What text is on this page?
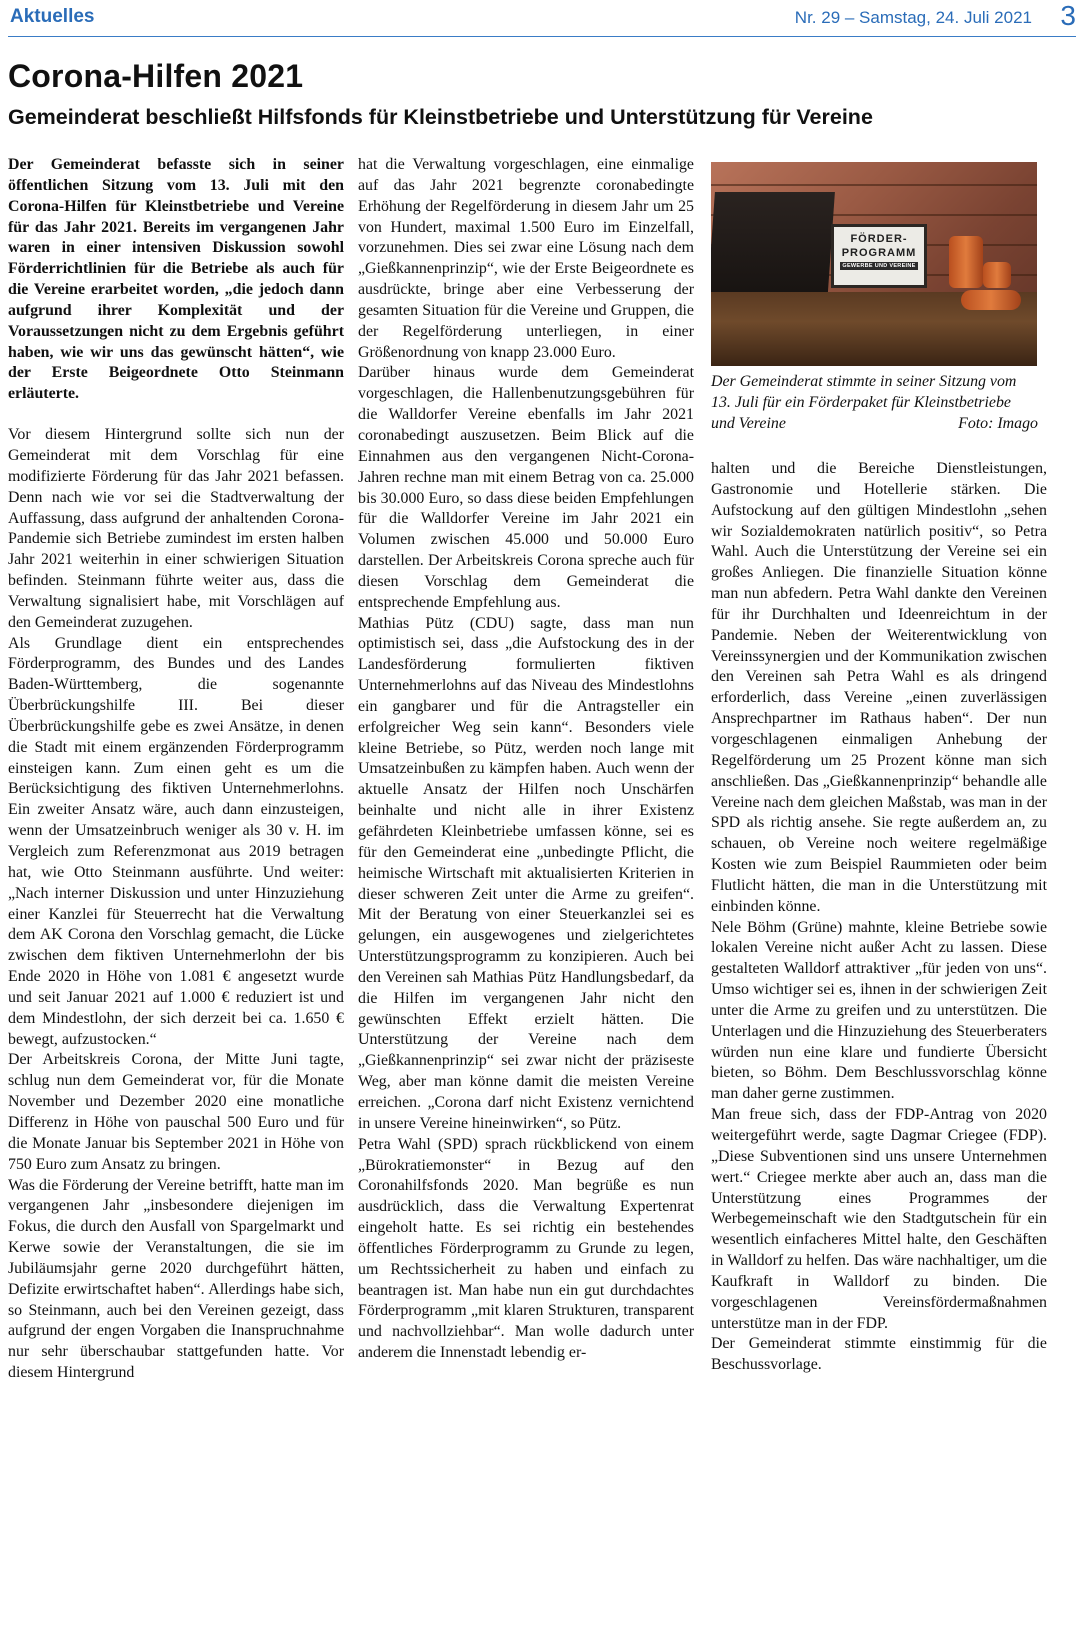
Aktuelles	Nr. 29 – Samstag, 24. Juli 2021 3
Corona-Hilfen 2021
Gemeinderat beschließt Hilfsfonds für Kleinstbetriebe und Unterstützung für Vereine

Der Gemeinderat befasste sich in seiner öffentlichen Sitzung vom 13. Juli mit den Corona-Hilfen für Kleinstbetriebe und Vereine für das Jahr 2021. Bereits im vergangenen Jahr waren in einer intensiven Diskussion sowohl Förderrichtlinien für die Betriebe als auch für die Vereine erarbeitet worden, „die jedoch dann aufgrund ihrer Komplexität und der Voraussetzungen nicht zu dem Ergebnis geführt haben, wie wir uns das gewünscht hätten“, wie der Erste Beigeordnete Otto Steinmann erläuterte.

Vor diesem Hintergrund sollte sich nun der Gemeinderat mit dem Vorschlag für eine modifizierte Förderung für das Jahr 2021 befassen. Denn nach wie vor sei die Stadtverwaltung der Auffassung, dass aufgrund der anhaltenden Corona-Pandemie sich Betriebe zumindest im ersten halben Jahr 2021 weiterhin in einer schwierigen Situation befinden. Steinmann führte weiter aus, dass die Verwaltung signalisiert habe, mit Vorschlägen auf den Gemeinderat zuzugehen.

Als Grundlage dient ein entsprechendes Förderprogramm, des Bundes und des Landes Baden-Württemberg, die sogenannte Überbrückungshilfe III. Bei dieser Überbrückungshilfe gebe es zwei Ansätze, in denen die Stadt mit einem ergänzenden Förderprogramm einsteigen kann. Zum einen geht es um die Berücksichtigung des fiktiven Unternehmerlohns. Ein zweiter Ansatz wäre, auch dann einzusteigen, wenn der Umsatzeinbruch weniger als 30 v. H. im Vergleich zum Referenzmonat aus 2019 betragen hat, wie Otto Steinmann ausführte. Und weiter: „Nach interner Diskussion und unter Hinzuziehung einer Kanzlei für Steuerrecht hat die Verwaltung dem AK Corona den Vorschlag gemacht, die Lücke zwischen dem fiktiven Unternehmerlohn der bis Ende 2020 in Höhe von 1.081 € angesetzt wurde und seit Januar 2021 auf 1.000 € reduziert ist und dem Mindestlohn, der sich derzeit bei ca. 1.650 € bewegt, aufzustocken.“

Der Arbeitskreis Corona, der Mitte Juni tagte, schlug nun dem Gemeinderat vor, für die Monate November und Dezember 2020 eine monatliche Differenz in Höhe von pauschal 500 Euro und für die Monate Januar bis September 2021 in Höhe von 750 Euro zum Ansatz zu bringen.

Was die Förderung der Vereine betrifft, hatte man im vergangenen Jahr „insbesondere diejenigen im Fokus, die durch den Ausfall von Spargelmarkt und Kerwe sowie der Veranstaltungen, die sie im Jubiläumsjahr gerne 2020 durchgeführt hätten, Defizite erwirtschaftet haben“. Allerdings habe sich, so Steinmann, auch bei den Vereinen gezeigt, dass aufgrund der engen Vorgaben die Inanspruchnahme nur sehr überschaubar stattgefunden hatte. Vor diesem Hintergrund

hat die Verwaltung vorgeschlagen, eine einmalige auf das Jahr 2021 begrenzte coronabedingte Erhöhung der Regelförderung in diesem Jahr um 25 von Hundert, maximal 1.500 Euro im Einzelfall, vorzunehmen. Dies sei zwar eine Lösung nach dem „Gießkannenprinzip“, wie der Erste Beigeordnete es ausdrückte, bringe aber eine Verbesserung der gesamten Situation für die Vereine und Gruppen, die der Regelförderung unterliegen, in einer Größenordnung von knapp 23.000 Euro.

Darüber hinaus wurde dem Gemeinderat vorgeschlagen, die Hallenbenutzungsgebühren für die Walldorfer Vereine ebenfalls im Jahr 2021 coronabedingt auszusetzen. Beim Blick auf die Einnahmen aus den vergangenen Nicht-Corona-Jahren rechne man mit einem Betrag von ca. 25.000 bis 30.000 Euro, so dass diese beiden Empfehlungen für die Walldorfer Vereine im Jahr 2021 ein Volumen zwischen 45.000 und 50.000 Euro darstellen. Der Arbeitskreis Corona spreche auch für diesen Vorschlag dem Gemeinderat die entsprechende Empfehlung aus.

Mathias Pütz (CDU) sagte, dass man nun optimistisch sei, dass „die Aufstockung des in der Landesförderung formulierten fiktiven Unternehmerlohns auf das Niveau des Mindestlohns ein gangbarer und für die Antragsteller ein erfolgreicher Weg sein kann“. Besonders viele kleine Betriebe, so Pütz, werden noch lange mit Umsatzeinbußen zu kämpfen haben. Auch wenn der aktuelle Ansatz der Hilfen noch Unschärfen beinhalte und nicht alle in ihrer Existenz gefährdeten Kleinbetriebe umfassen könne, sei es für den Gemeinderat eine „unbedingte Pflicht, die heimische Wirtschaft mit aktualisierten Kriterien in dieser schweren Zeit unter die Arme zu greifen“. Mit der Beratung von einer Steuerkanzlei sei es gelungen, ein ausgewogenes und zielgerichtetes Unterstützungsprogramm zu konzipieren. Auch bei den Vereinen sah Mathias Pütz Handlungsbedarf, da die Hilfen im vergangenen Jahr nicht den gewünschten Effekt erzielt hätten. Die Unterstützung der Vereine nach dem „Gießkannenprinzip“ sei zwar nicht der präziseste Weg, aber man könne damit die meisten Vereine erreichen. „Corona darf nicht Existenz vernichtend in unsere Vereine hineinwirken“, so Pütz.

Petra Wahl (SPD) sprach rückblickend von einem „Bürokratiemonster“ in Bezug auf den Coronahilfsfonds 2020. Man begrüße es nun ausdrücklich, dass die Verwaltung Expertenrat eingeholt hatte. Es sei richtig ein bestehendes öffentliches Förderprogramm zu Grunde zu legen, um Rechtssicherheit zu haben und einfach zu beantragen ist. Man habe nun ein gut durchdachtes Förderprogramm „mit klaren Strukturen, transparent und nachvollziehbar“. Man wolle dadurch unter anderem die Innenstadt lebendig er-

FÖRDER-
PROGRAMM
GEWERBE UND VEREINE
Der Gemeinderat stimmte in seiner Sitzung vom 13. Juli für ein Förderpaket für Kleinstbetriebe und Vereine	Foto: Imago

halten und die Bereiche Dienstleistungen, Gastronomie und Hotellerie stärken. Die Aufstockung auf den gültigen Mindestlohn „sehen wir Sozialdemokraten natürlich positiv“, so Petra Wahl. Auch die Unterstützung der Vereine sei ein großes Anliegen. Die finanzielle Situation könne man nun abfedern. Petra Wahl dankte den Vereinen für ihr Durchhalten und Ideenreichtum in der Pandemie. Neben der Weiterentwicklung von Vereinssynergien und der Kommunikation zwischen den Vereinen sah Petra Wahl es als dringend erforderlich, dass Vereine „einen zuverlässigen Ansprechpartner im Rathaus haben“. Der nun vorgeschlagenen einmaligen Anhebung der Regelförderung um 25 Prozent könne man sich anschließen. Das „Gießkannenprinzip“ behandle alle Vereine nach dem gleichen Maßstab, was man in der SPD als richtig ansehe. Sie regte außerdem an, zu schauen, ob Vereine noch weitere regelmäßige Kosten wie zum Beispiel Raummieten oder beim Flutlicht hätten, die man in die Unterstützung mit einbinden könne.

Nele Böhm (Grüne) mahnte, kleine Betriebe sowie lokalen Vereine nicht außer Acht zu lassen. Diese gestalteten Walldorf attraktiver „für jeden von uns“. Umso wichtiger sei es, ihnen in der schwierigen Zeit unter die Arme zu greifen und zu unterstützen. Die Unterlagen und die Hinzuziehung des Steuerberaters würden nun eine klare und fundierte Übersicht bieten, so Böhm. Dem Beschlussvorschlag könne man daher gerne zustimmen.

Man freue sich, dass der FDP-Antrag von 2020 weitergeführt werde, sagte Dagmar Criegee (FDP). „Diese Subventionen sind uns unsere Unternehmen wert.“ Criegee merkte aber auch an, dass man die Unterstützung eines Programmes der Werbegemeinschaft wie den Stadtgutschein für ein wesentlich einfacheres Mittel halte, den Geschäften in Walldorf zu helfen. Das wäre nachhaltiger, um die Kaufkraft in Walldorf zu binden. Die vorgeschlagenen Vereinsfördermaßnahmen unterstütze man in der FDP.

Der Gemeinderat stimmte einstimmig für die Beschussvorlage.
